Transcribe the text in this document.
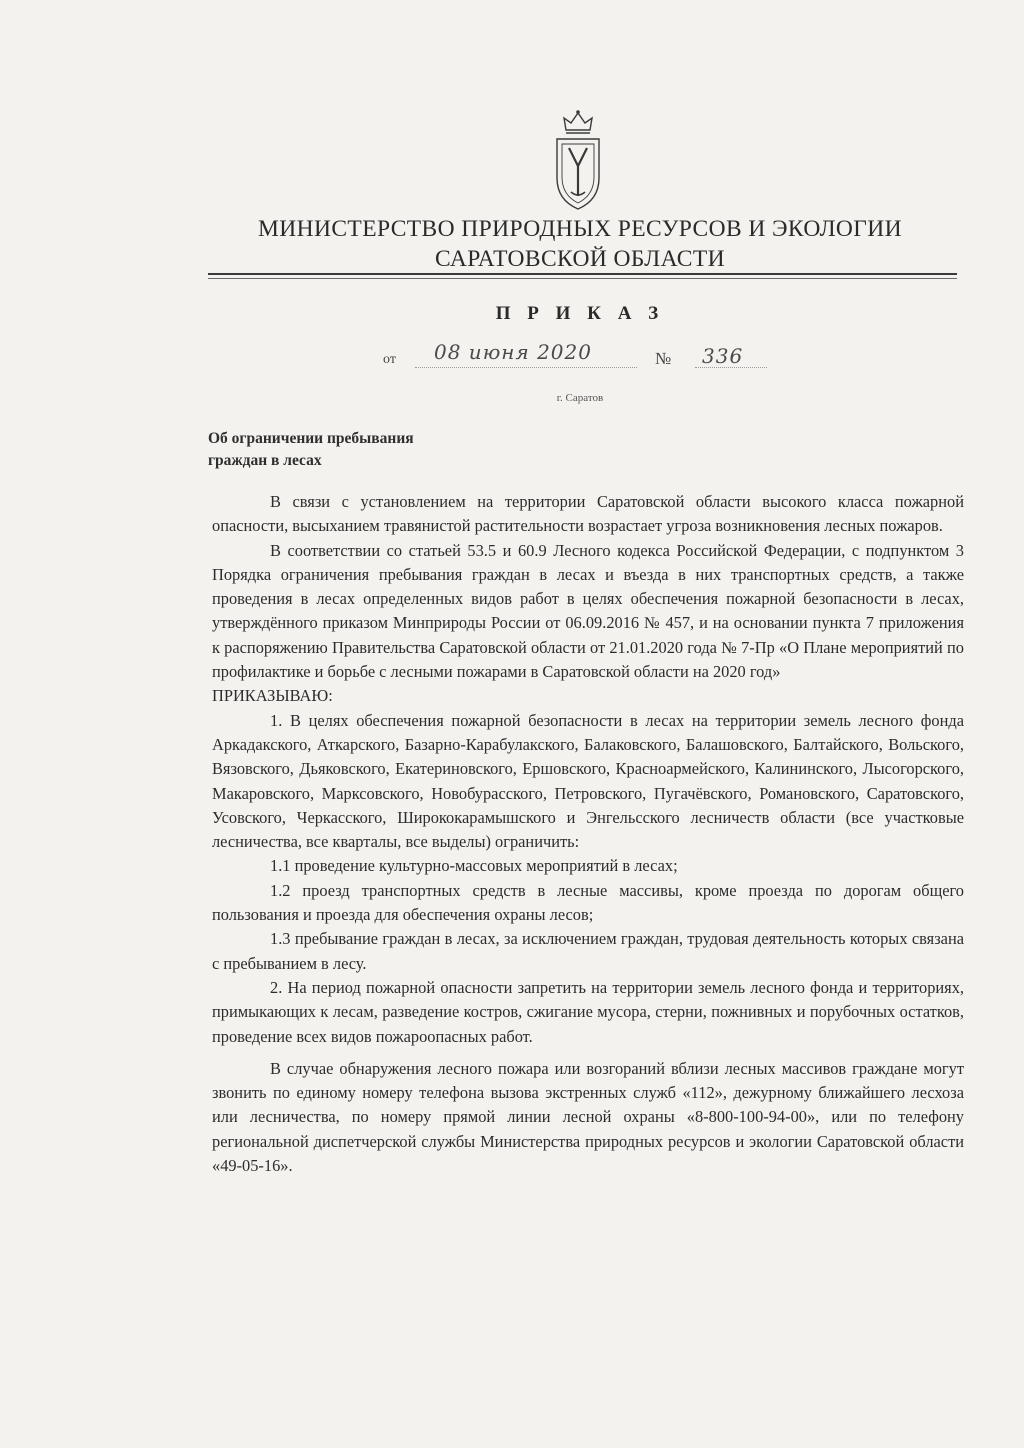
МИНИСТЕРСТВО ПРИРОДНЫХ РЕСУРСОВ И ЭКОЛОГИИ
САРАТОВСКОЙ ОБЛАСТИ
П Р И К А З
от 08 июня 2020	№ 336
г. Саратов
Об ограничении пребывания
граждан в лесах

В связи с установлением на территории Саратовской области высокого класса пожарной опасности, высыханием травянистой растительности возрастает угроза возникновения лесных пожаров.

В соответствии со статьей 53.5 и 60.9 Лесного кодекса Российской Федерации, с подпунктом 3 Порядка ограничения пребывания граждан в лесах и въезда в них транспортных средств, а также проведения в лесах определенных видов работ в целях обеспечения пожарной безопасности в лесах, утверждённого приказом Минприроды России от 06.09.2016 № 457, и на основании пункта 7 приложения к распоряжению Правительства Саратовской области от 21.01.2020 года № 7-Пр «О Плане мероприятий по профилактике и борьбе с лесными пожарами в Саратовской области на 2020 год»

ПРИКАЗЫВАЮ:

1. В целях обеспечения пожарной безопасности в лесах на территории земель лесного фонда Аркадакского, Аткарского, Базарно-Карабулакского, Балаковского, Балашовского, Балтайского, Вольского, Вязовского, Дьяковского, Екатериновского, Ершовского, Красноармейского, Калининского, Лысогорского, Макаровского, Марксовского, Новобурасского, Петровского, Пугачёвского, Романовского, Саратовского, Усовского, Черкасского, Ширококарамышского и Энгельсского лесничеств области (все участковые лесничества, все кварталы, все выделы) ограничить:

1.1 проведение культурно-массовых мероприятий в лесах;

1.2 проезд транспортных средств в лесные массивы, кроме проезда по дорогам общего пользования и проезда для обеспечения охраны лесов;

1.3 пребывание граждан в лесах, за исключением граждан, трудовая деятельность которых связана с пребыванием в лесу.

2. На период пожарной опасности запретить на территории земель лесного фонда и территориях, примыкающих к лесам, разведение костров, сжигание мусора, стерни, пожнивных и порубочных остатков, проведение всех видов пожароопасных работ.

В случае обнаружения лесного пожара или возгораний вблизи лесных массивов граждане могут звонить по единому номеру телефона вызова экстренных служб «112», дежурному ближайшего лесхоза или лесничества, по номеру прямой линии лесной охраны «8-800-100-94-00», или по телефону региональной диспетчерской службы Министерства природных ресурсов и экологии Саратовской области «49-05-16».
